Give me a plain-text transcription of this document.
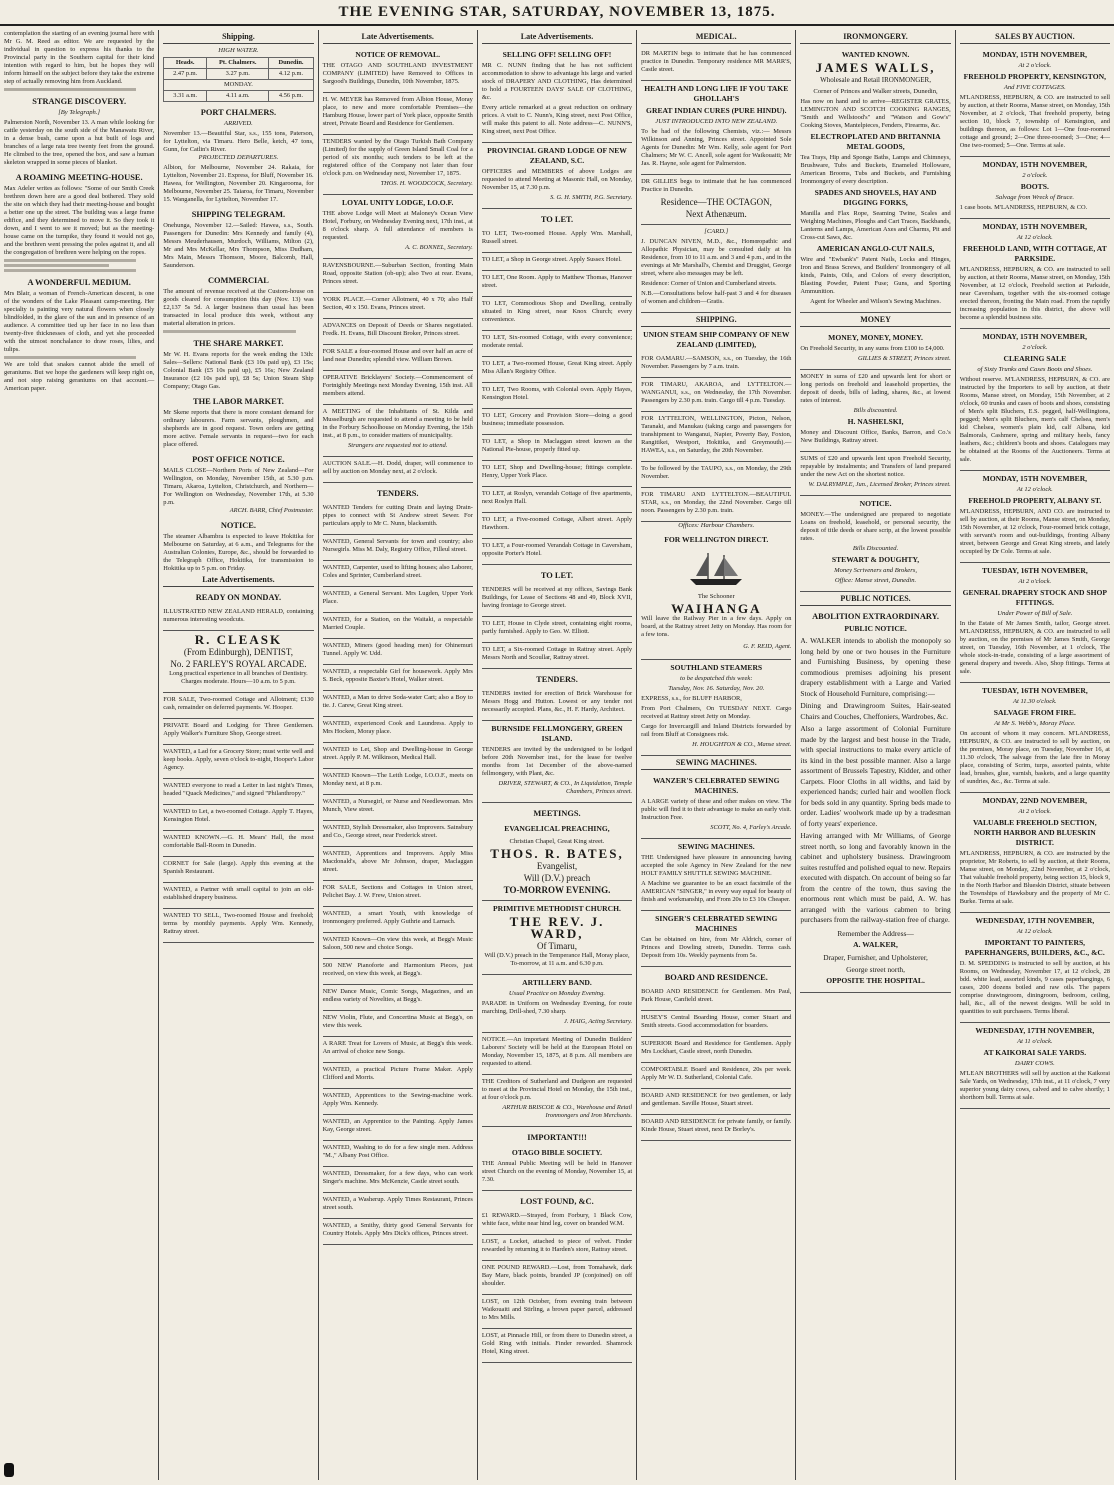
THE EVENING STAR, SATURDAY, NOVEMBER 13, 1875.

contemplation the starting of an evening journal here with Mr G. M. Reed as editor. We are requested by the individual in question to express his thanks to the Provincial party in the Southern capital for their kind intention with regard to him, but he hopes they will inform himself on the subject before they take the extreme step of actually removing him from Auckland.

STRANGE DISCOVERY.
[By Telegraph.]

Palmerston North, November 13. A man while looking for cattle yesterday on the south side of the Manawatu River, in a dense bush, came upon a hut built of logs and branches of a large rata tree twenty feet from the ground. He climbed to the tree, opened the box, and saw a human skeleton wrapped in some pieces of blanket.

A ROAMING MEETING-HOUSE.

Max Adeler writes as follows: "Some of our Smith Creek brethren down here are a good deal bothered. They sold the site on which they had their meeting-house and bought a better one up the street. The building was a large frame edifice, and they determined to move it. So they took it down, and I went to see it moved; but as the meeting-house came on the turnpike, they found it would not go, and the brethren went pressing the poles against it, and all the congregation of brethren were helping on the ropes.

A WONDERFUL MEDIUM.

Mrs Blair, a woman of French-American descent, is one of the wonders of the Lake Pleasant camp-meeting. Her specialty is painting very natural flowers when closely blindfolded, in the glare of the sun and in presence of an audience. A committee tied up her face in no less than twenty-five thicknesses of cloth, and yet she proceeded with the utmost nonchalance to draw roses, lilies, and tulips.

We are told that snakes cannot abide the smell of geraniums. But we hope the gardeners will keep right on, and not stop raising geraniums on that account.—American paper.

Shipping.
HIGH WATER.
Heads.	Pt. Chalmers.	Dunedin.
2.47 p.m.	3.27 p.m.	4.12 p.m.
MONDAY.		
3.31 a.m.	4.11 a.m.	4.56 p.m.
PORT CHALMERS.
ARRIVED.

November 13.—Beautiful Star, s.s., 155 tons, Paterson, for Lyttelton, via Timaru. Hero Belle, ketch, 47 tons, Gunn, for Catlin's River.

PROJECTED DEPARTURES.

Albion, for Melbourne, November 24. Rakaia, for Lyttelton, November 21. Express, for Bluff, November 16. Hawea, for Wellington, November 20. Kingarooma, for Melbourne, November 25. Taiaroa, for Timaru, November 15. Wanganella, for Lyttelton, November 17.

SHIPPING TELEGRAM.

Onehunga, November 12.—Sailed: Hawea, s.s., South. Passengers for Dunedin: Mrs Kennedy and family (4), Messrs Meuderhausen, Murdoch, Williams, Milton (2), Mr and Mrs McKellar, Mrs Thompson, Miss Dudham, Mrs Main, Messrs Thomson, Moore, Balcomb, Hall, Saunderson.

COMMERCIAL

The amount of revenue received at the Custom-house on goods cleared for consumption this day (Nov. 13) was £2,137 5s 5d. A larger business than usual has been transacted in local produce this week, without any material alteration in prices.

THE SHARE MARKET.

Mr W. H. Evans reports for the week ending the 13th: Sales—Sellers: National Bank (£3 10s paid up), £3 15s; Colonial Bank (£5 10s paid up), £5 16s; New Zealand Insurance (£2 10s paid up), £8 5s; Union Steam Ship Company; Otago Gas.

THE LABOR MARKET.

Mr Skene reports that there is more constant demand for ordinary labourers. Farm servants, ploughmen, and shepherds are in good request. Town orders are getting more active. Female servants in request—two for each place offered.

POST OFFICE NOTICE.

MAILS CLOSE—Northern Ports of New Zealand—For Wellington, on Monday, November 15th, at 5.30 p.m. Timaru, Akaroa, Lyttelton, Christchurch, and Northern—For Wellington on Wednesday, November 17th, at 5.30 p.m.

ARCH. BARR, Chief Postmaster.

NOTICE.

The steamer Albambra is expected to leave Hokitika for Melbourne on Saturday, at 6 a.m., and Telegrams for the Australian Colonies, Europe, &c., should be forwarded to the Telegraph Office, Hokitika, for transmission to Hokitika up to 5 p.m. on Friday.

Late Advertisements.
READY ON MONDAY.

ILLUSTRATED NEW ZEALAND HERALD, containing numerous interesting woodcuts.

R. CLEASK
(From Edinburgh), DENTIST,
No. 2 FARLEY'S ROYAL ARCADE.

Long practical experience in all branches of Dentistry. Charges moderate. Hours—10 a.m. to 5 p.m.

FOR SALE, Two-roomed Cottage and Allotment; £130 cash, remainder on deferred payments. W. Hooper.

PRIVATE Board and Lodging for Three Gentlemen. Apply Walker's Furniture Shop, George street.

WANTED, a Lad for a Grocery Store; must write well and keep books. Apply, seven o'clock to-night, Hooper's Labor Agency.

WANTED everyone to read a Letter in last night's Times, headed "Quack Medicines," and signed "Philanthropy."

WANTED to Let, a two-roomed Cottage. Apply T. Hayes, Kensington Hotel.

WANTED KNOWN.—G. H. Mears' Hall, the most comfortable Ball-Room in Dunedin.

CORNET for Sale (large). Apply this evening at the Spanish Restaurant.

WANTED, a Partner with small capital to join an old-established drapery business.

WANTED TO SELL, Two-roomed House and freehold; terms by monthly payments. Apply Wm. Kennedy, Rattray street.

Late Advertisements.
NOTICE OF REMOVAL.

THE OTAGO AND SOUTHLAND INVESTMENT COMPANY (LIMITED) have Removed to Offices in Sargood's Buildings, Dunedin, 10th November, 1875.

H. W. MEYER has Removed from Albion House, Moray place, to new and more comfortable Premises—the Hamburg House, lower part of York place, opposite Smith street, Private Board and Residence for Gentlemen.

TENDERS wanted by the Otago Turkish Bath Company (Limited) for the supply of Green Island Small Coal for a period of six months; such tenders to be left at the registered office of the Company not later than four o'clock p.m. on Wednesday next, November 17, 1875.

THOS. H. WOODCOCK, Secretary.

LOYAL UNITY LODGE, I.O.O.F.

THE above Lodge will Meet at Maloney's Ocean View Hotel, Forbury, on Wednesday Evening next, 17th inst., at 8 o'clock sharp. A full attendance of members is requested.

A. C. BONNEL, Secretary.

RAVENSBOURNE.—Suburban Section, fronting Main Road, opposite Station (ob-up); also Two at rear. Evans, Princes street.

YORK PLACE.—Corner Allotment, 40 x 70; also Half Section, 40 x 150. Evans, Princes street.

ADVANCES on Deposit of Deeds or Shares negotiated. Fredk. H. Evans, Bill Discount Broker, Princes street.

FOR SALE a four-roomed House and over half an acre of land near Dunedin; splendid view. William Brown.

OPERATIVE Bricklayers' Society.—Commencement of Fortnightly Meetings next Monday Evening, 15th inst. All members attend.

A MEETING of the Inhabitants of St. Kilda and Musselburgh are requested to attend a meeting to be held in the Forbury Schoolhouse on Monday Evening, the 15th inst., at 8 p.m., to consider matters of municipality.

Strangers are requested not to attend.

AUCTION SALE.—H. Dodd, draper, will commence to sell by auction on Monday next, at 2 o'clock.

TENDERS.

WANTED Tenders for cutting Drain and laying Drain-pipes to connect with St Andrew street Sewer. For particulars apply to Mr C. Nunn, blacksmith.

WANTED, General Servants for town and country; also Nursegirls. Miss M. Daly, Registry Office, Filleul street.

WANTED, Carpenter, used to lifting houses; also Laborer, Coles and Sprinter, Cumberland street.

WANTED, a General Servant. Mrs Lugden, Upper York Place.

WANTED, for a Station, on the Waitaki, a respectable Married Couple.

WANTED, Miners (good heading men) for Ohinemuri Tunnel. Apply W. Udd.

WANTED, a respectable Girl for housework. Apply Mrs S. Beck, opposite Baxter's Hotel, Walker street.

WANTED, a Man to drive Soda-water Cart; also a Boy to tie. J. Carew, Great King street.

WANTED, experienced Cook and Laundress. Apply to Mrs Hocken, Moray place.

WANTED to Let, Shop and Dwelling-house in George street. Apply P. M. Wilkinson, Medical Hall.

WANTED Known—The Leith Lodge, I.O.O.F., meets on Monday next, at 8 p.m.

WANTED, a Nursegirl, or Nurse and Needlewoman. Mrs Munch, View street.

WANTED, Stylish Dressmaker, also Improvers. Sainsbury and Co., George street, near Frederick street.

WANTED, Apprentices and Improvers. Apply Miss Macdonald's, above Mr Johnson, draper, Maclaggan street.

FOR SALE, Sections and Cottages in Union street, Pelichet Bay. J. W. Frew, Union street.

WANTED, a smart Youth, with knowledge of ironmongery preferred. Apply Guthrie and Larnach.

WANTED Known—On view this week, at Begg's Music Saloon, 500 new and choice Songs.

500 NEW Pianoforte and Harmonium Pieces, just received, on view this week, at Begg's.

NEW Dance Music, Comic Songs, Magazines, and an endless variety of Novelties, at Begg's.

NEW Violin, Flute, and Concertina Music at Begg's, on view this week.

A RARE Treat for Lovers of Music, at Begg's this week. An arrival of choice new Songs.

WANTED, a practical Picture Frame Maker. Apply Clifford and Morris.

WANTED, Apprentices to the Sewing-machine work. Apply Wm. Kennedy.

WANTED, an Apprentice to the Painting. Apply James Kay, George street.

WANTED, Washing to do for a few single men. Address "M.," Albany Post Office.

WANTED, Dressmaker, for a few days, who can work Singer's machine. Mrs McKenzie, Castle street south.

WANTED, a Washerup. Apply Times Restaurant, Princes street south.

WANTED, a Smithy, thirty good General Servants for Country Hotels. Apply Mrs Dick's offices, Princes street.

Late Advertisements.
SELLING OFF! SELLING OFF!

MR C. NUNN finding that he has not sufficient accommodation to show to advantage his large and varied stock of DRAPERY AND CLOTHING, Has determined to hold a FOURTEEN DAYS' SALE OF CLOTHING, &c.

Every article remarked at a great reduction on ordinary prices. A visit to C. Nunn's, King street, next Post Office, will make this patent to all. Note address—C. NUNN'S, King street, next Post Office.

PROVINCIAL GRAND LODGE OF NEW ZEALAND, S.C.

OFFICERS and MEMBERS of above Lodges are requested to attend Meeting at Masonic Hall, on Monday, November 15, at 7.30 p.m.

S. G. H. SMITH, P.G. Secretary.

TO LET.

TO LET, Two-roomed House. Apply Wm. Marshall, Russell street.

TO LET, a Shop in George street. Apply Sussex Hotel.

TO LET, One Room. Apply to Matthew Thomas, Hanover street.

TO LET, Commodious Shop and Dwelling, centrally situated in King street, near Knox Church; every convenience.

TO LET, Six-roomed Cottage, with every convenience; moderate rental.

TO LET, a Two-roomed House, Great King street. Apply Miss Allan's Registry Office.

TO LET, Two Rooms, with Colonial oven. Apply Hayes, Kensington Hotel.

TO LET, Grocery and Provision Store—doing a good business; immediate possession.

TO LET, a Shop in Maclaggan street known as the National Pie-house, properly fitted up.

TO LET, Shop and Dwelling-house; fittings complete. Henry, Upper York Place.

TO LET, at Roslyn, verandah Cottage of five apartments, next Roslyn Hall.

TO LET, a Five-roomed Cottage, Albert street. Apply Hawthorn.

TO LET, a Four-roomed Verandah Cottage in Caversham, opposite Porter's Hotel.

TO LET.

TENDERS will be received at my offices, Savings Bank Buildings, for Lease of Sections 48 and 49, Block XVII, having frontage to George street.

TO LET, House in Clyde street, containing eight rooms, partly furnished. Apply to Geo. W. Elliott.

TO LET, a Six-roomed Cottage in Rattray street. Apply Messrs North and Scoullar, Rattray street.

TENDERS.

TENDERS invited for erection of Brick Warehouse for Messrs Hogg and Hutton. Lowest or any tender not necessarily accepted. Plans, &c., H. F. Hardy, Architect.

BURNSIDE FELLMONGERY, GREEN ISLAND.

TENDERS are invited by the undersigned to be lodged before 20th November inst., for the lease for twelve months from 1st December of the above-named fellmongery, with Plant, &c.

DRIVER, STEWART, & CO., In Liquidation, Temple Chambers, Princes street.

MEETINGS.
EVANGELICAL PREACHING,
Christian Chapel, Great King street.
THOS. R. BATES,
Evangelist,
Will (D.V.) preach
TO-MORROW EVENING.
PRIMITIVE METHODIST CHURCH.
THE REV. J. WARD,
Of Timaru,

Will (D.V.) preach in the Temperance Hall, Moray place, To-morrow, at 11 a.m. and 6.30 p.m.

ARTILLERY BAND.

Usual Practice on Monday Evening.

PARADE in Uniform on Wednesday Evening, for route marching, Drill-shed, 7.30 sharp.

J. HAIG, Acting Secretary.

NOTICE.—An important Meeting of Dunedin Builders' Laborers' Society will be held at the European Hotel on Monday, November 15, 1875, at 8 p.m. All members are requested to attend.

THE Creditors of Sutherland and Dudgeon are requested to meet at the Provincial Hotel on Monday, the 15th inst., at four o'clock p.m.

ARTHUR BRISCOE & CO., Warehouse and Retail Ironmongers and Iron Merchants.

IMPORTANT!!!
OTAGO BIBLE SOCIETY.

THE Annual Public Meeting will be held in Hanover street Church on the evening of Monday, November 15, at 7.30.

LOST FOUND, &C.

£1 REWARD.—Strayed, from Forbury, 1 Black Cow, white face, white near hind leg, cover on branded W.M.

LOST, a Locket, attached to piece of velvet. Finder rewarded by returning it to Harden's store, Rattray street.

ONE POUND REWARD.—Lost, from Tomahawk, dark Bay Mare, black points, branded JP (conjoined) on off shoulder.

LOST, on 12th October, from evening train between Waikouaiti and Stirling, a brown paper parcel, addressed to Mrs Mills.

LOST, at Pinnacle Hill, or from there to Dunedin street, a Gold Ring with initials. Finder rewarded. Shamrock Hotel, King street.

MEDICAL.

DR MARTIN begs to intimate that he has commenced practice in Dunedin. Temporary residence MR MARR'S, Castle street.

HEALTH AND LONG LIFE IF YOU TAKE GHOLLAH'S
GREAT INDIAN CURES (PURE HINDU).
JUST INTRODUCED INTO NEW ZEALAND.

To be had of the following Chemists, viz.:— Messrs Wilkinson and Anning, Princes street. Appointed Sole Agents for Dunedin: Mr Wm. Kelly, sole agent for Port Chalmers; Mr W. C. Ancell, sole agent for Waikouaiti; Mr Jas. R. Hayne, sole agent for Palmerston.

DR GILLIES begs to intimate that he has commenced Practice in Dunedin.

Residence—THE OCTAGON,
Next Athenæum.
[CARD.]

J. DUNCAN NIVEN, M.D., &c., Homœopathic and Allopathic Physician, may be consulted daily at his Residence, from 10 to 11 a.m. and 3 and 4 p.m., and in the evenings at Mr Marshall's, Chemist and Druggist, George street, where also messages may be left.

Residence: Corner of Union and Cumberland streets.

N.B.—Consultations below half-past 3 and 4 for diseases of women and children—Gratis.

SHIPPING.
UNION STEAM SHIP COMPANY OF NEW ZEALAND (LIMITED),

FOR OAMARU.—SAMSON, s.s., on Tuesday, the 16th November. Passengers by 7 a.m. train.

FOR TIMARU, AKAROA, and LYTTELTON.—WANGANUI, s.s., on Wednesday, the 17th November. Passengers by 2.30 p.m. train. Cargo till 4 p.m. Tuesday.

FOR LYTTELTON, WELLINGTON, Picton, Nelson, Taranaki, and Manukau (taking cargo and passengers for transhipment to Wanganui, Napier, Poverty Bay, Foxton, Rangitikei, Westport, Hokitika, and Greymouth).—HAWEA, s.s., on Saturday, the 20th November.

To be followed by the TAUPO, s.s., on Monday, the 29th November.

FOR TIMARU AND LYTTELTON.—BEAUTIFUL STAR, s.s., on Monday, the 22nd November. Cargo till noon. Passengers by 2.30 p.m. train.

Offices: Harbour Chambers.

FOR WELLINGTON DIRECT.
The Schooner
WAIHANGA

Will leave the Railway Pier in a few days. Apply on board, at the Rattray street Jetty on Monday. Has room for a few tons.

G. F. REID, Agent.

SOUTHLAND STEAMERS
to be despatched this week:
Tuesday, Nov. 16. Saturday, Nov. 20.

EXPRESS, s.s., for BLUFF HARBOR,

From Port Chalmers, On TUESDAY NEXT. Cargo received at Rattray street Jetty on Monday.

Cargo for Invercargill and Inland Districts forwarded by rail from Bluff at Consignees risk.

H. HOUGHTON & CO., Manse street.

SEWING MACHINES.
WANZER'S CELEBRATED SEWING MACHINES.

A LARGE variety of these and other makes on view. The public will find it to their advantage to make an early visit. Instruction Free.

SCOTT, No. 4, Farley's Arcade.

SEWING MACHINES.

THE Undersigned have pleasure in announcing having accepted the sole Agency in New Zealand for the new HOLT FAMILY SHUTTLE SEWING MACHINE.

A Machine we guarantee to be an exact facsimile of the AMERICAN "SINGER," in every way equal for beauty of finish and workmanship, and From 20s to £3 10s Cheaper.

SINGER'S CELEBRATED SEWING MACHINES

Can be obtained on hire, from Mr Aldrich, corner of Princes and Dowling streets, Dunedin. Terms cash. Deposit from 10s. Weekly payments from 5s.

BOARD AND RESIDENCE.

BOARD AND RESIDENCE for Gentlemen. Mrs Paul, Park House, Canfield street.

HUSEY'S Central Boarding House, comer Stuart and Smith streets. Good accommodation for boarders.

SUPERIOR Board and Residence for Gentlemen. Apply Mrs Lockhart, Castle street, north Dunedin.

COMFORTABLE Board and Residence, 20s per week. Apply Mr W. D. Sutherland, Colonial Cafe.

BOARD AND RESIDENCE for two gentlemen, or lady and gentleman. Saville House, Stuart street.

BOARD AND RESIDENCE for private family, or family. Kinde House, Stuart street, next Dr Borley's.

IRONMONGERY.
WANTED KNOWN.
JAMES WALLS,
Wholesale and Retail IRONMONGER,
Corner of Princes and Walker streets, Dunedin,

Has now on hand and to arrive—REGISTER GRATES, LEMINGTON AND SCOTCH COOKING RANGES, "Smith and Wellstood's" and "Watson and Gow's" Cooking Stoves, Mantelpieces, Fenders, Firearms, &c.

ELECTROPLATED AND BRITANNIA METAL GOODS,

Tea Trays, Hip and Sponge Baths, Lamps and Chimneys, Brushware, Tubs and Buckets, Enameled Holloware, American Brooms, Tubs and Buckets, and Furnishing Ironmongery of every description.

SPADES AND SHOVELS, HAY AND DIGGING FORKS,

Manilla and Flax Rope, Seaming Twine, Scales and Weighing Machines, Ploughs and Cart Traces, Backbands, Lanterns and Lamps, American Axes and Charms, Pit and Cross-cut Saws, &c.

AMERICAN ANGLO-CUT NAILS,

Wire and "Ewbank's" Patent Nails, Locks and Hinges, Iron and Brass Screws, and Builders' Ironmongery of all kinds, Paints, Oils, and Colors of every description, Blasting Powder, Patent Fuse; Guns, and Sporting Ammunition.

Agent for Wheeler and Wilson's Sewing Machines.

MONEY
MONEY, MONEY, MONEY.

On Freehold Security, in any sums from £100 to £4,000.

GILLIES & STREET, Princes street.

MONEY in sums of £20 and upwards lent for short or long periods on freehold and leasehold properties, the deposit of deeds, bills of lading, shares, &c., at lowest rates of interest.

Bills discounted.

H. NASHELSKI,

Money and Discount Office, Banks, Barron, and Co.'s New Buildings, Rattray street.

SUMS of £20 and upwards lent upon Freehold Security, repayable by instalments; and Transfers of land prepared under the new Act on the shortest notice.

W. DALRYMPLE, Jun., Licensed Broker, Princes street.

NOTICE.

MONEY.—The undersigned are prepared to negotiate Loans on freehold, leasehold, or personal security, the deposit of title deeds or share scrip, at the lowest possible rates.

Bills Discounted.

STEWART & DOUGHTY,

Money Scriveners and Brokers,

Office: Manse street, Dunedin.

PUBLIC NOTICES.
ABOLITION EXTRAORDINARY.
PUBLIC NOTICE.

A. WALKER intends to abolish the monopoly so long held by one or two houses in the Furniture and Furnishing Business, by opening these commodious premises adjoining his present drapery establishment with a Large and Varied Stock of Household Furniture, comprising:—

Dining and Drawingroom Suites, Hair-seated Chairs and Couches, Cheffoniers, Wardrobes, &c.

Also a large assortment of Colonial Furniture made by the largest and best house in the Trade, with special instructions to make every article of its kind in the best possible manner. Also a large assortment of Brussels Tapestry, Kidder, and other Carpets. Floor Cloths in all widths, and laid by experienced hands; curled hair and woollen flock for beds sold in any quantity. Spring beds made to order. Ladies' woolwork made up by a tradesman of forty years' experience.

Having arranged with Mr Williams, of George street north, so long and favorably known in the cabinet and upholstery business. Drawingroom suites restuffed and polished equal to new. Repairs executed with dispatch. On account of being so far from the centre of the town, thus saving the enormous rent which must be paid, A. W. has arranged with the various cabmen to bring purchasers from the railway-station free of charge.

Remember the Address—
A. WALKER,
Draper, Furnisher, and Upholsterer,
George street north,
OPPOSITE THE HOSPITAL.
SALES BY AUCTION.
MONDAY, 15TH NOVEMBER,
At 2 o'clock.
FREEHOLD PROPERTY, KENSINGTON,
And FIVE COTTAGES.

M'LANDRESS, HEPBURN, & CO. are instructed to sell by auction, at their Rooms, Manse street, on Monday, 15th November, at 2 o'clock, That freehold property, being section 10, block 7, township of Kensington, and buildings thereon, as follows: Lot 1—One four-roomed cottage and ground; 2—One three-roomed; 3—One; 4—One two-roomed; 5—One. Terms at sale.

MONDAY, 15TH NOVEMBER,
2 o'clock.
BOOTS.
Salvage from Wreck of Bruce.

1 case boots. M'LANDRESS, HEPBURN, & CO.

MONDAY, 15TH NOVEMBER,
At 12 o'clock.
FREEHOLD LAND, WITH COTTAGE, AT PARKSIDE.

M'LANDRESS, HEPBURN, & CO. are instructed to sell by auction, at their Rooms, Manse street, on Monday, 15th November, at 12 o'clock, Freehold section at Parkside, near Caversham, together with the six-roomed cottage erected thereon, fronting the Main road. From the rapidly increasing population in this district, the above will become a splendid business site.

MONDAY, 15TH NOVEMBER,
2 o'clock.
CLEARING SALE
of Sixty Trunks and Cases Boots and Shoes.

Without reserve. M'LANDRESS, HEPBURN, & CO. are instructed by the Importers to sell by auction, at their Rooms, Manse street, on Monday, 15th November, at 2 o'clock, 60 trunks and cases of boots and shoes, consisting of Men's split Bluchers, E.S. pegged, half-Wellingtons, pegged; Men's split Bluchers, men's calf Chelsea, men's kid Chelsea, women's plain kid, calf Albana, kid Balmorals, Cashmere, spring and military heels, fancy leathers, &c.; children's boots and shoes. Catalogues may be obtained at the Rooms of the Auctioneers. Terms at sale.

MONDAY, 15TH NOVEMBER,
At 12 o'clock.
FREEHOLD PROPERTY, ALBANY ST.

M'LANDRESS, HEPBURN, AND CO. are instructed to sell by auction, at their Rooms, Manse street, on Monday, 15th November, at 12 o'clock, Four-roomed brick cottage, with servant's room and out-buildings, fronting Albany street, between George and Great King streets, and lately occupied by Dr Cole. Terms at sale.

TUESDAY, 16TH NOVEMBER,
At 2 o'clock.
GENERAL DRAPERY STOCK AND SHOP FITTINGS.
Under Power of Bill of Sale.

In the Estate of Mr James Smith, tailor, George street. M'LANDRESS, HEPBURN, & CO. are instructed to sell by auction, on the premises of Mr James Smith, George street, on Tuesday, 16th November, at 1 o'clock, The whole stock-in-trade, consisting of a large assortment of general drapery and tweeds. Also, Shop fittings. Terms at sale.

TUESDAY, 16TH NOVEMBER,
At 11.30 o'clock.
SALVAGE FROM FIRE.
At Mr S. Webb's, Moray Place.

On account of whom it may concern. M'LANDRESS, HEPBURN, & CO. are instructed to sell by auction, on the premises, Moray place, on Tuesday, November 16, at 11.30 o'clock, The salvage from the late fire in Moray place, consisting of Scrim, turps, assorted paints, white lead, brushes, glue, varnish, baskets, and a large quantity of sundries, &c., &c. Terms at sale.

MONDAY, 22ND NOVEMBER,
At 2 o'clock.
VALUABLE FREEHOLD SECTION, NORTH HARBOR AND BLUESKIN DISTRICT.

M'LANDRESS, HEPBURN, & CO. are instructed by the proprietor, Mr Roberts, to sell by auction, at their Rooms, Manse street, on Monday, 22nd November, at 2 o'clock, That valuable freehold property, being section 15, block 9, in the North Harbor and Blueskin District, situate between the Townships of Hawksbury and the property of Mr C. Burke. Terms at sale.

WEDNESDAY, 17TH NOVEMBER,
At 12 o'clock.
IMPORTANT TO PAINTERS, PAPERHANGERS, BUILDERS, &C., &C.

D. M. SPEDDING is instructed to sell by auction, at his Rooms, on Wednesday, November 17, at 12 o'clock, 28 bdd. white lead, assorted kinds, 9 cases paperhangings, 6 cases, 200 dozens boiled and raw oils. The papers comprise drawingroom, diningroom, bedroom, ceiling, hall, &c., all of the newest designs. Will be sold in quantities to suit purchasers. Terms liberal.

WEDNESDAY, 17TH NOVEMBER,
At 11 o'clock.
AT KAIKORAI SALE YARDS.
DAIRY COWS.

M'LEAN BROTHERS will sell by auction at the Kaikorai Sale Yards, on Wednesday, 17th inst., at 11 o'clock, 7 very superior young dairy cows, calved and to calve shortly; 1 shorthorn bull. Terms at sale.
